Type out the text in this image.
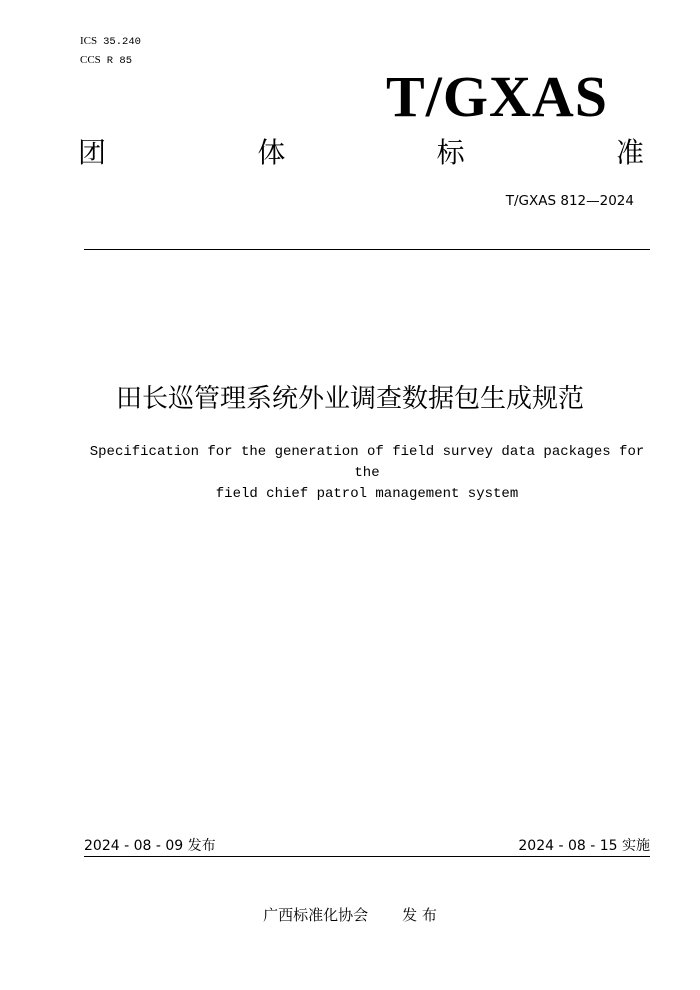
ICS 35.240
CCS R 85
T/GXAS
团	体	标	准
T/GXAS 812—2024
田长巡管理系统外业调查数据包生成规范
Specification for the generation of field survey data packages for the
field chief patrol management system
2024 - 08 - 09 发布	2024 - 08 - 15 实施
广西标准化协会 发 布
